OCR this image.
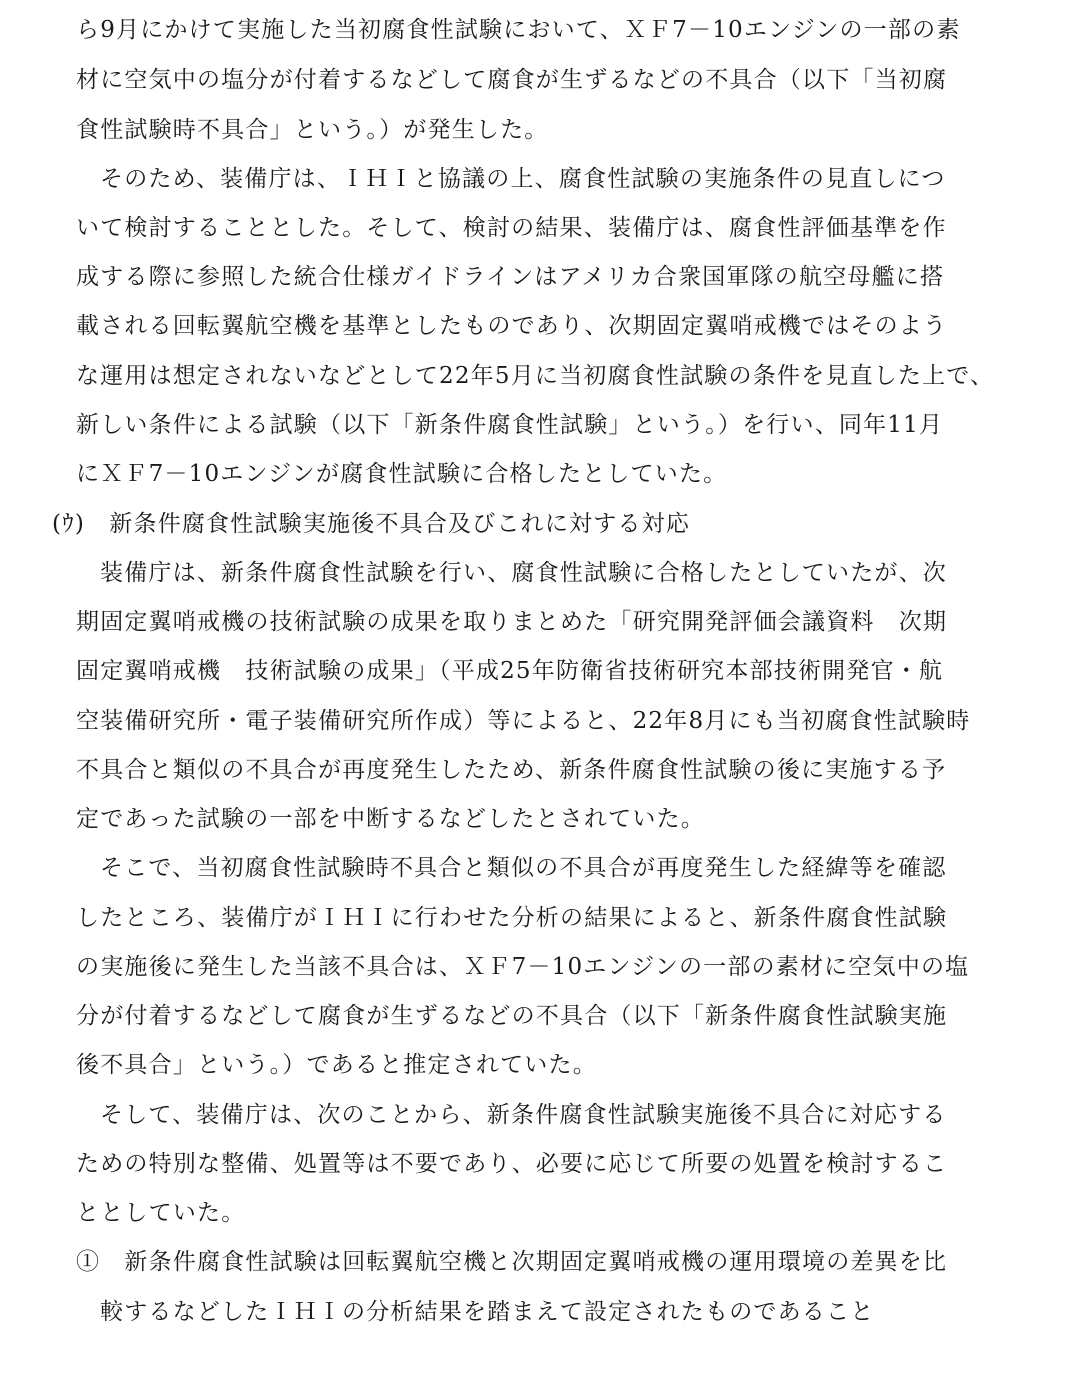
ら9月にかけて実施した当初腐食性試験において、ＸＦ7－10エンジンの一部の素

材に空気中の塩分が付着するなどして腐食が生ずるなどの不具合（以下「当初腐

食性試験時不具合」という。）が発生した。

そのため、装備庁は、ＩＨＩと協議の上、腐食性試験の実施条件の見直しにつ

いて検討することとした。そして、検討の結果、装備庁は、腐食性評価基準を作

成する際に参照した統合仕様ガイドラインはアメリカ合衆国軍隊の航空母艦に搭

載される回転翼航空機を基準としたものであり、次期固定翼哨戒機ではそのよう

な運用は想定されないなどとして22年5月に当初腐食性試験の条件を見直した上で、

新しい条件による試験（以下「新条件腐食性試験」という。）を行い、同年11月

にＸＦ7－10エンジンが腐食性試験に合格したとしていた。

(ｳ)　新条件腐食性試験実施後不具合及びこれに対する対応

装備庁は、新条件腐食性試験を行い、腐食性試験に合格したとしていたが、次

期固定翼哨戒機の技術試験の成果を取りまとめた「研究開発評価会議資料　次期

固定翼哨戒機　技術試験の成果」（平成25年防衛省技術研究本部技術開発官・航

空装備研究所・電子装備研究所作成）等によると、22年8月にも当初腐食性試験時

不具合と類似の不具合が再度発生したため、新条件腐食性試験の後に実施する予

定であった試験の一部を中断するなどしたとされていた。

そこで、当初腐食性試験時不具合と類似の不具合が再度発生した経緯等を確認

したところ、装備庁がＩＨＩに行わせた分析の結果によると、新条件腐食性試験

の実施後に発生した当該不具合は、ＸＦ7－10エンジンの一部の素材に空気中の塩

分が付着するなどして腐食が生ずるなどの不具合（以下「新条件腐食性試験実施

後不具合」という。）であると推定されていた。

そして、装備庁は、次のことから、新条件腐食性試験実施後不具合に対応する

ための特別な整備、処置等は不要であり、必要に応じて所要の処置を検討するこ

ととしていた。

①　新条件腐食性試験は回転翼航空機と次期固定翼哨戒機の運用環境の差異を比

較するなどしたＩＨＩの分析結果を踏まえて設定されたものであること
